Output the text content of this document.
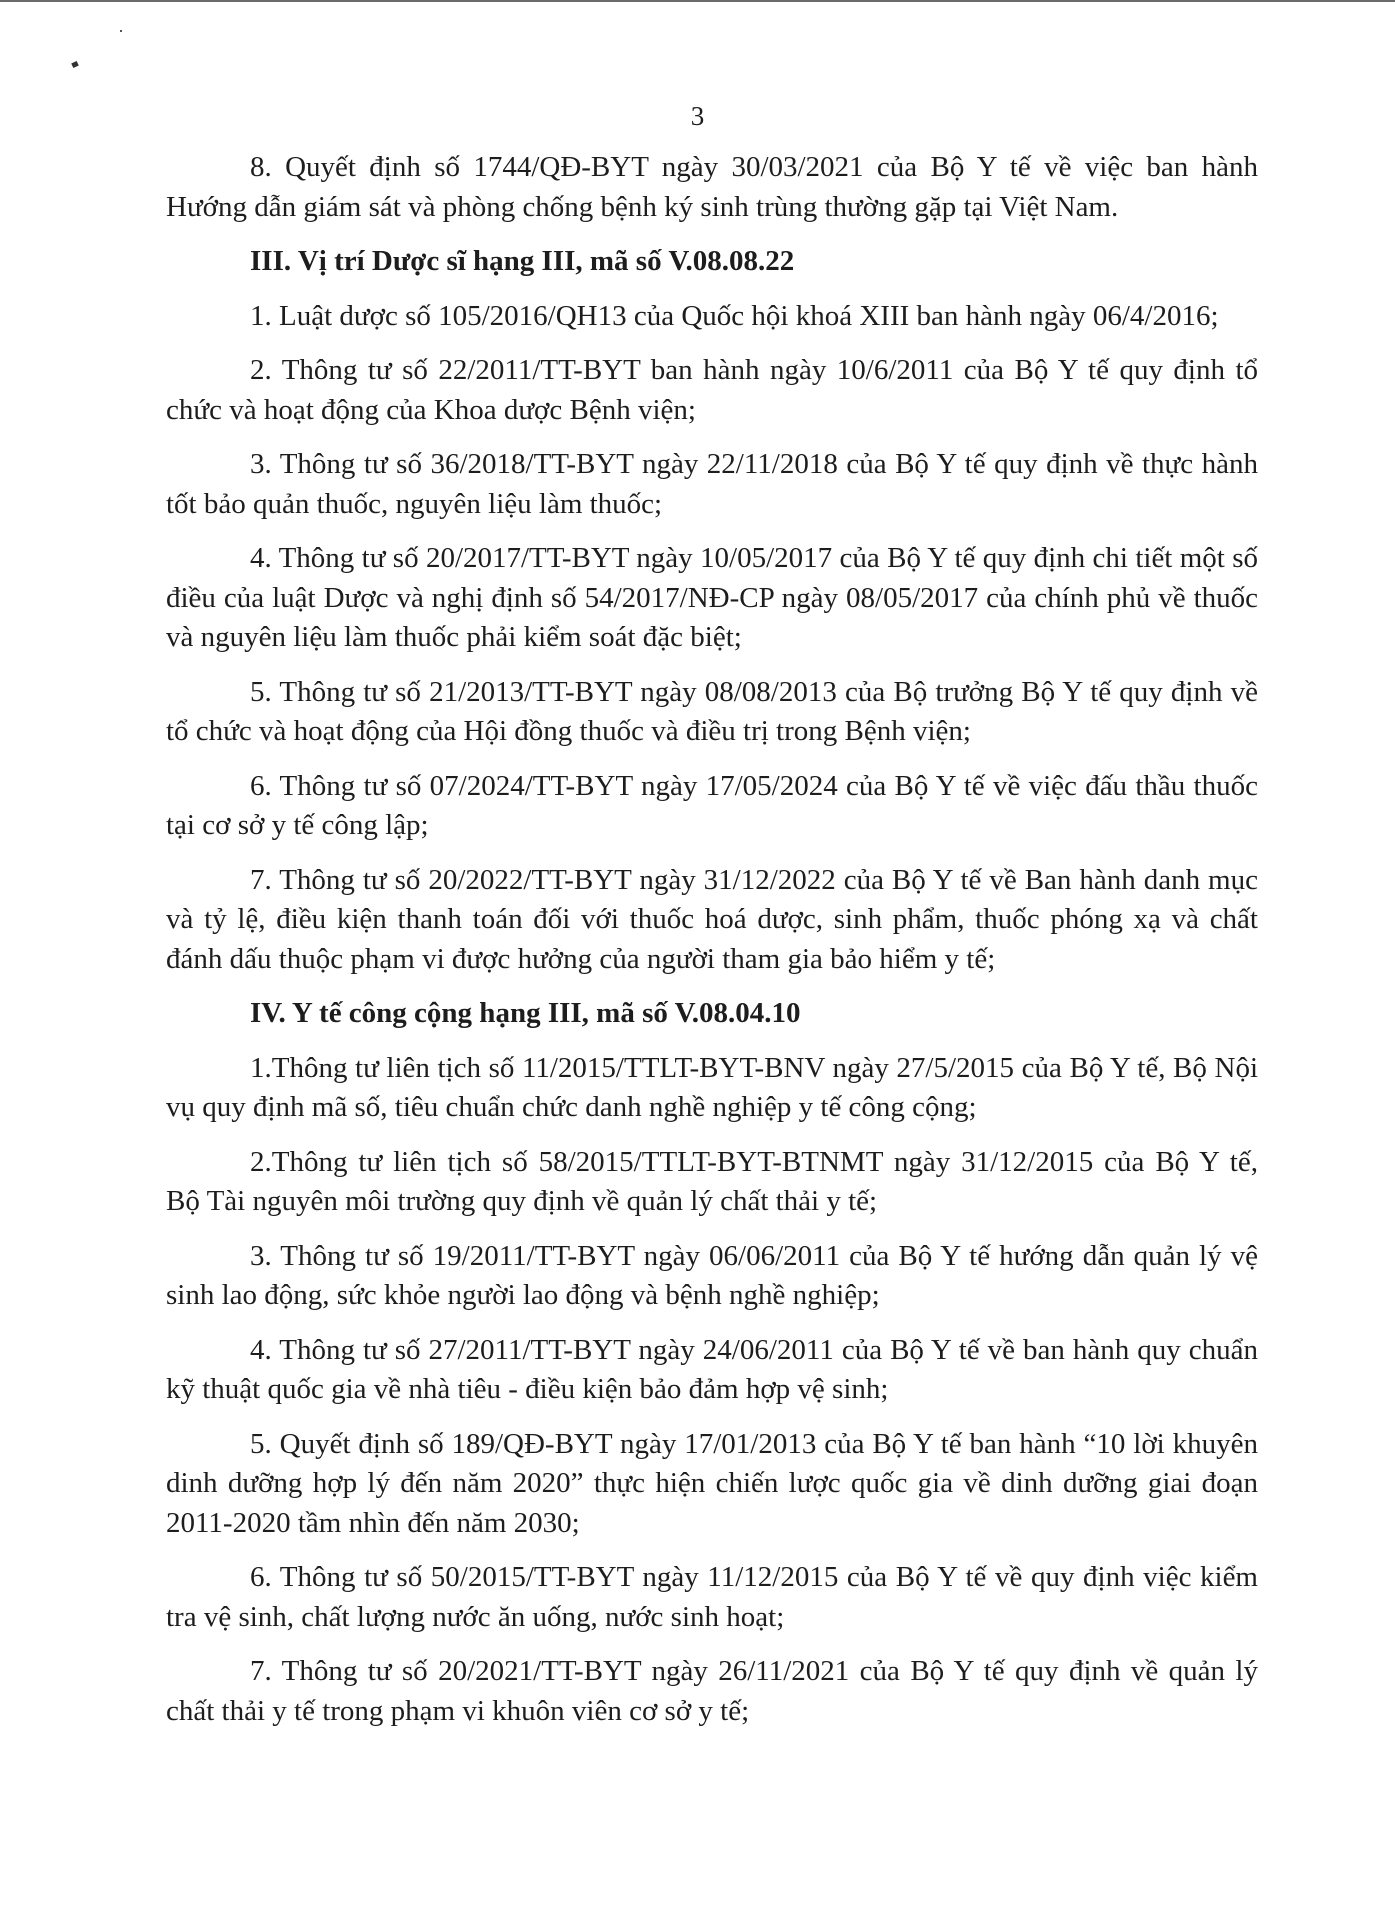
3

8. Quyết định số 1744/QĐ-BYT ngày 30/03/2021 của Bộ Y tế về việc ban hành Hướng dẫn giám sát và phòng chống bệnh ký sinh trùng thường gặp tại Việt Nam.

III. Vị trí Dược sĩ hạng III, mã số V.08.08.22

1. Luật dược số 105/2016/QH13 của Quốc hội khoá XIII ban hành ngày 06/4/2016;

2. Thông tư số 22/2011/TT-BYT ban hành ngày 10/6/2011 của Bộ Y tế quy định tổ chức và hoạt động của Khoa dược Bệnh viện;

3. Thông tư số 36/2018/TT-BYT ngày 22/11/2018 của Bộ Y tế quy định về thực hành tốt bảo quản thuốc, nguyên liệu làm thuốc;

4. Thông tư số 20/2017/TT-BYT ngày 10/05/2017 của Bộ Y tế quy định chi tiết một số điều của luật Dược và nghị định số 54/2017/NĐ-CP ngày 08/05/2017 của chính phủ về thuốc và nguyên liệu làm thuốc phải kiểm soát đặc biệt;

5. Thông tư số 21/2013/TT-BYT ngày 08/08/2013 của Bộ trưởng Bộ Y tế quy định về tổ chức và hoạt động của Hội đồng thuốc và điều trị trong Bệnh viện;

6. Thông tư số 07/2024/TT-BYT ngày 17/05/2024 của Bộ Y tế về việc đấu thầu thuốc tại cơ sở y tế công lập;

7. Thông tư số 20/2022/TT-BYT ngày 31/12/2022 của Bộ Y tế về Ban hành danh mục và tỷ lệ, điều kiện thanh toán đối với thuốc hoá dược, sinh phẩm, thuốc phóng xạ và chất đánh dấu thuộc phạm vi được hưởng của người tham gia bảo hiểm y tế;

IV. Y tế công cộng hạng III, mã số V.08.04.10

1.Thông tư liên tịch số 11/2015/TTLT-BYT-BNV ngày 27/5/2015 của Bộ Y tế, Bộ Nội vụ quy định mã số, tiêu chuẩn chức danh nghề nghiệp y tế công cộng;

2.Thông tư liên tịch số 58/2015/TTLT-BYT-BTNMT ngày 31/12/2015 của Bộ Y tế, Bộ Tài nguyên môi trường quy định về quản lý chất thải y tế;

3. Thông tư số 19/2011/TT-BYT ngày 06/06/2011 của Bộ Y tế hướng dẫn quản lý vệ sinh lao động, sức khỏe người lao động và bệnh nghề nghiệp;

4. Thông tư số 27/2011/TT-BYT ngày 24/06/2011 của Bộ Y tế về ban hành quy chuẩn kỹ thuật quốc gia về nhà tiêu - điều kiện bảo đảm hợp vệ sinh;

5. Quyết định số 189/QĐ-BYT ngày 17/01/2013 của Bộ Y tế ban hành “10 lời khuyên dinh dưỡng hợp lý đến năm 2020” thực hiện chiến lược quốc gia về dinh dưỡng giai đoạn 2011-2020 tầm nhìn đến năm 2030;

6. Thông tư số 50/2015/TT-BYT ngày 11/12/2015 của Bộ Y tế về quy định việc kiểm tra vệ sinh, chất lượng nước ăn uống, nước sinh hoạt;

7. Thông tư số 20/2021/TT-BYT ngày 26/11/2021 của Bộ Y tế quy định về quản lý chất thải y tế trong phạm vi khuôn viên cơ sở y tế;
